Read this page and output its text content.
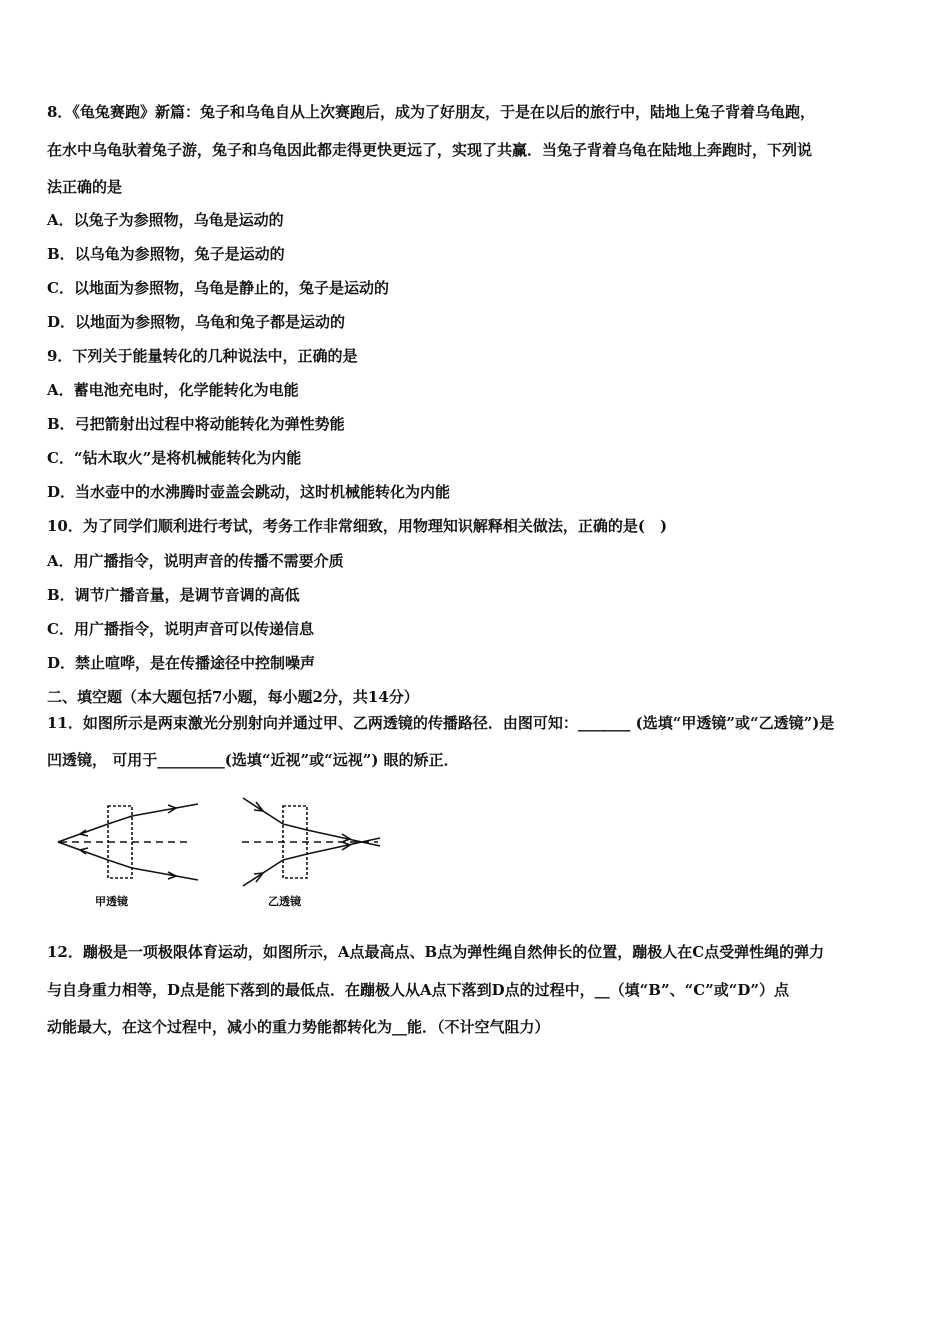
8．《龟兔赛跑》新篇：兔子和乌龟自从上次赛跑后，成为了好朋友，于是在以后的旅行中，陆地上兔子背着乌龟跑，
在水中乌龟驮着兔子游，兔子和乌龟因此都走得更快更远了，实现了共赢．当兔子背着乌龟在陆地上奔跑时，下列说
法正确的是
A．以兔子为参照物，乌龟是运动的
B．以乌龟为参照物，兔子是运动的
C．以地面为参照物，乌龟是静止的，兔子是运动的
D．以地面为参照物，乌龟和兔子都是运动的
9．下列关于能量转化的几种说法中，正确的是
A．蓄电池充电时，化学能转化为电能
B．弓把箭射出过程中将动能转化为弹性势能
C．“钻木取火”是将机械能转化为内能
D．当水壶中的水沸腾时壶盖会跳动，这时机械能转化为内能
10．为了同学们顺利进行考试，考务工作非常细致，用物理知识解释相关做法，正确的是(　)
A．用广播指令，说明声音的传播不需要介质
B．调节广播音量，是调节音调的高低
C．用广播指令，说明声音可以传递信息
D．禁止喧哗，是在传播途径中控制噪声
二、填空题（本大题包括7小题，每小题2分，共14分）
11．如图所示是两束激光分别射向并通过甲、乙两透镜的传播路径．由图可知：_______ (选填“甲透镜”或“乙透镜”)是
凹透镜， 可用于_________(选填“近视”或“远视”) 眼的矫正．
甲透镜	乙透镜
12．蹦极是一项极限体育运动，如图所示，A点最高点、B点为弹性绳自然伸长的位置，蹦极人在C点受弹性绳的弹力
与自身重力相等，D点是能下落到的最低点．在蹦极人从A点下落到D点的过程中，__（填“B”、“C”或“D”）点
动能最大，在这个过程中，减小的重力势能都转化为__能．（不计空气阻力）
